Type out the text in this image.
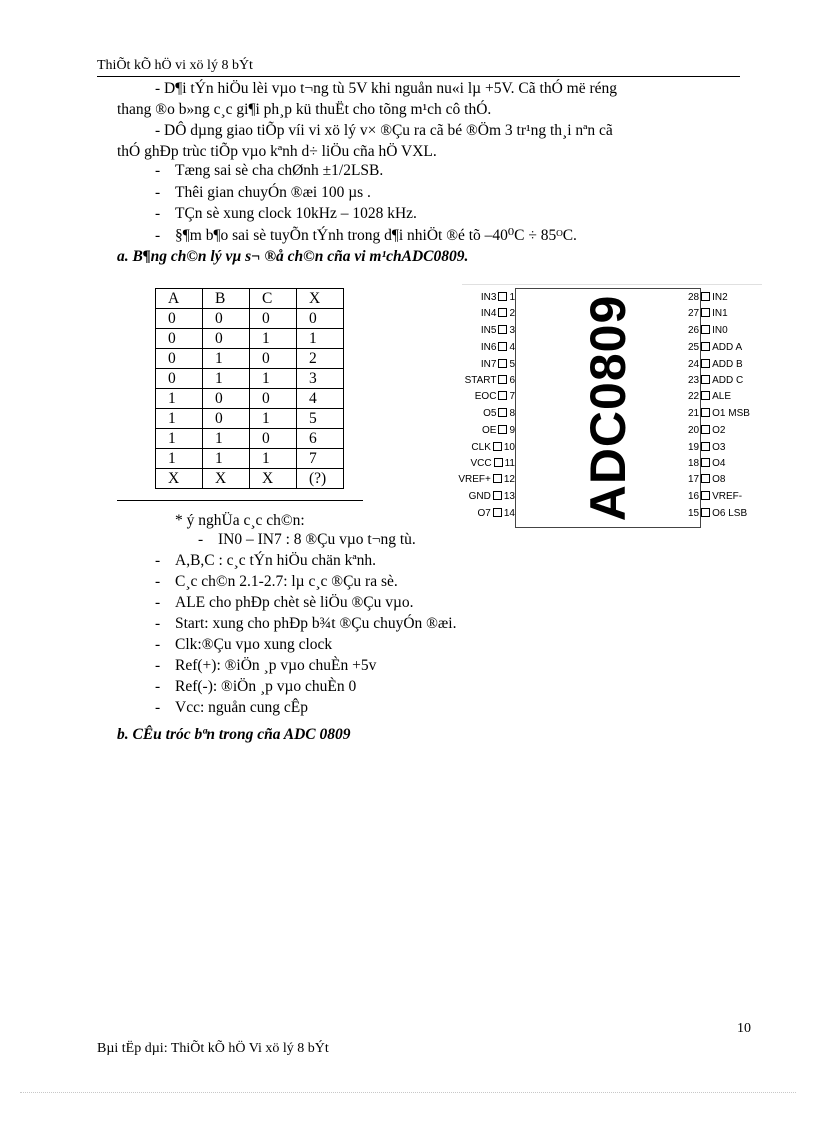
ThiÕt kÕ hÖ vi xö lý 8 bÝt
- D¶i tÝn hiÖu lèi vµo t¬ng tù 5V khi nguån nu«i lµ +5V. Cã thÓ më réng
thang ®o b»ng c¸c gi¶i ph¸p kü thuËt cho tõng m¹ch cô thÓ.
- DÔ dµng giao tiÕp víi vi xö lý v× ®Çu ra cã bé ®Öm 3 tr¹ng th¸i nªn cã
thÓ ghÐp trùc tiÕp vµo kªnh d÷ liÖu cña hÖ VXL.
- Tæng sai sè cha chØnh ±1/2LSB.
- Thêi gian chuyÓn ®æi 100 µs .
- TÇn sè xung clock 10kHz – 1028 kHz.
- §¶m b¶o sai sè tuyÕn tÝnh trong d¶i nhiÖt ®é tõ –40⁰C ÷ 85ᴼC.
a. B¶ng ch©n lý vµ s¬ ®å ch©n cña vi m¹chADC0809.
A	B	C	X
0	0	0	0
0	0	1	1
0	1	0	2
0	1	1	3
1	0	0	4
1	0	1	5
1	1	0	6
1	1	1	7
X	X	X	(?)	ADC0809
IN3 1
IN4 2
IN5 3
IN6 4
IN7 5
START 6
EOC 7
O5 8
OE 9
CLK 10
VCC 11
VREF+ 12
GND 13
O7 14
28 IN2
27 IN1
26 IN0
25 ADD A
24 ADD B
23 ADD C
22 ALE
21 O1 MSB
20 O2
19 O3
18 O4
17 O8
16 VREF-
15 O6 LSB
* ý nghÜa c¸c ch©n:
- IN0 – IN7 : 8 ®Çu vµo t¬ng tù.
- A,B,C : c¸c tÝn hiÖu chän kªnh.
- C¸c ch©n 2.1-2.7: lµ c¸c ®Çu ra sè.
- ALE cho phÐp chèt sè liÖu ®Çu vµo.
- Start: xung cho phÐp b¾t ®Çu chuyÓn ®æi.
- Clk:®Çu vµo xung clock
- Ref(+): ®iÖn ¸p vµo chuÈn +5v
- Ref(-): ®iÖn ¸p vµo chuÈn 0
- Vcc: nguån cung cÊp
b. CÊu tróc bªn trong cña ADC 0809
10
Bµi tËp dµi: ThiÕt kÕ hÖ Vi xö lý 8 bÝt
